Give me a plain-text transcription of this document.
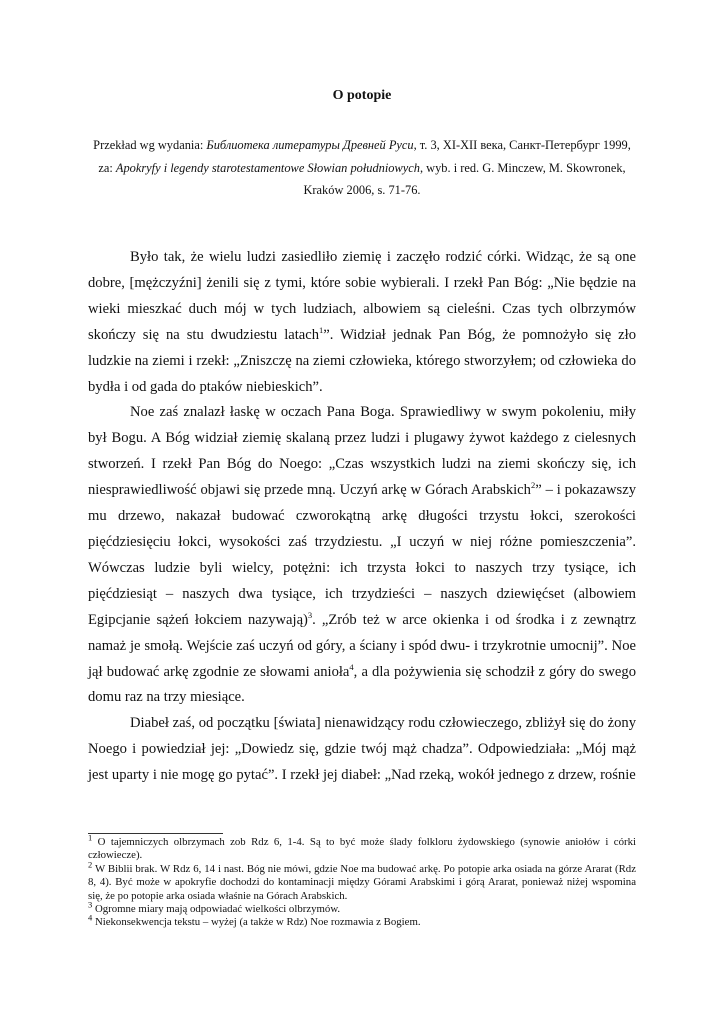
O potopie
Przekład wg wydania: Библиотека литературы Древней Руси, т. 3, XI-XII века, Санкт-Петербург 1999, za: Apokryfy i legendy starotestamentowe Słowian południowych, wyb. i red. G. Minczew, M. Skowronek, Kraków 2006, s. 71-76.

Było tak, że wielu ludzi zasiedliło ziemię i zaczęło rodzić córki. Widząc, że są one dobre, [mężczyźni] żenili się z tymi, które sobie wybierali. I rzekł Pan Bóg: „Nie będzie na wieki mieszkać duch mój w tych ludziach, albowiem są cieleśni. Czas tych olbrzymów skończy się na stu dwudziestu latach$^1$”. Widział jednak Pan Bóg, że pomnożyło się zło ludzkie na ziemi i rzekł: „Zniszczę na ziemi człowieka, którego stworzyłem; od człowieka do bydła i od gada do ptaków niebieskich”.

Noe zaś znalazł łaskę w oczach Pana Boga. Sprawiedliwy w swym pokoleniu, miły był Bogu. A Bóg widział ziemię skalaną przez ludzi i plugawy żywot każdego z cielesnych stworzeń. I rzekł Pan Bóg do Noego: „Czas wszystkich ludzi na ziemi skończy się, ich niesprawiedliwość objawi się przede mną. Uczyń arkę w Górach Arabskich$^2$” – i pokazawszy mu drzewo, nakazał budować czworokątną arkę długości trzystu łokci, szerokości pięćdziesięciu łokci, wysokości zaś trzydziestu. „I uczyń w niej różne pomieszczenia”. Wówczas ludzie byli wielcy, potężni: ich trzysta łokci to naszych trzy tysiące, ich pięćdziesiąt – naszych dwa tysiące, ich trzydzieści – naszych dziewięćset (albowiem Egipcjanie sążeń łokciem nazywają)$^3$. „Zrób też w arce okienka i od środka i z zewnątrz namaż je smołą. Wejście zaś uczyń od góry, a ściany i spód dwu- i trzykrotnie umocnij”. Noe jął budować arkę zgodnie ze słowami anioła$^4$, a dla pożywienia się schodził z góry do swego domu raz na trzy miesiące.

Diabeł zaś, od początku [świata] nienawidzący rodu człowieczego, zbliżył się do żony Noego i powiedział jej: „Dowiedz się, gdzie twój mąż chadza”. Odpowiedziała: „Mój mąż jest uparty i nie mogę go pytać”. I rzekł jej diabeł: „Nad rzeką, wokół jednego z drzew, rośnie

$^1$ O tajemniczych olbrzymach zob Rdz 6, 1-4. Są to być może ślady folkloru żydowskiego (synowie aniołów i córki człowiecze).
$^2$ W Biblii brak. W Rdz 6, 14 i nast. Bóg nie mówi, gdzie Noe ma budować arkę. Po potopie arka osiada na górze Ararat (Rdz 8, 4). Być może w apokryfie dochodzi do kontaminacji między Górami Arabskimi i górą Ararat, ponieważ niżej wspomina się, że po potopie arka osiada właśnie na Górach Arabskich.
$^3$ Ogromne miary mają odpowiadać wielkości olbrzymów.
$^4$ Niekonsekwencja tekstu – wyżej (a także w Rdz) Noe rozmawia z Bogiem.
